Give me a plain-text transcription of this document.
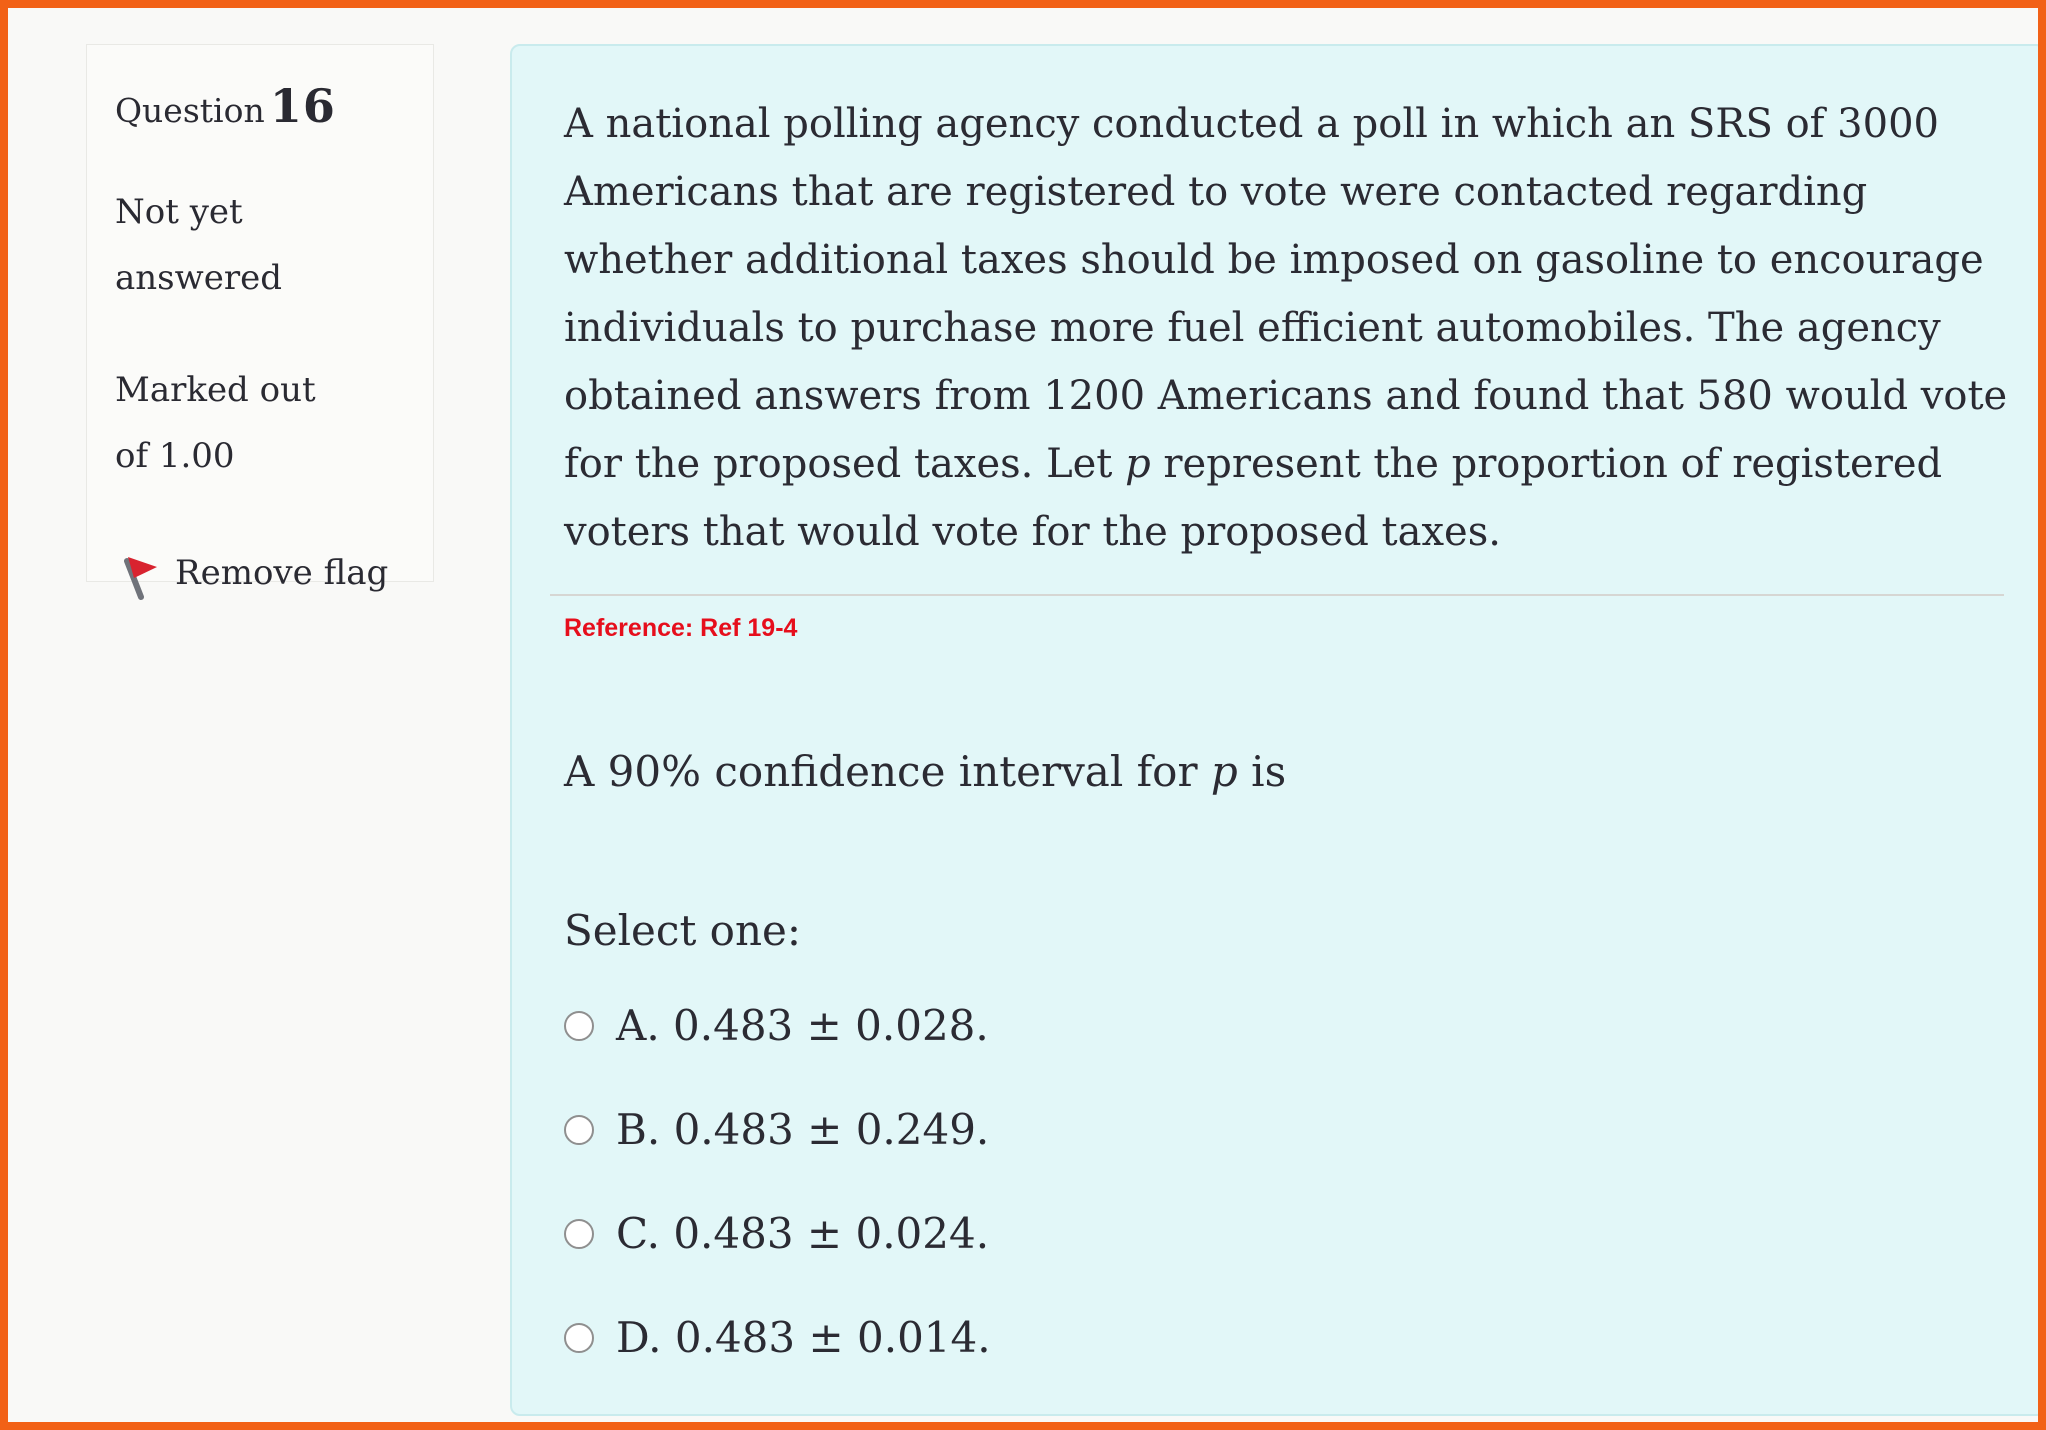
Question 16
Not yet answered
Marked out of 1.00
Remove flag
A national polling agency conducted a poll in which an SRS of 3000 Americans that are registered to vote were contacted regarding whether additional taxes should be imposed on gasoline to encourage individuals to purchase more fuel efficient automobiles. The agency obtained answers from 1200 Americans and found that 580 would vote for the proposed taxes. Let p represent the proportion of registered voters that would vote for the proposed taxes.
Reference: Ref 19-4
A 90% confidence interval for p is
Select one:
A. 0.483 ± 0.028.
B. 0.483 ± 0.249.
C. 0.483 ± 0.024.
D. 0.483 ± 0.014.
